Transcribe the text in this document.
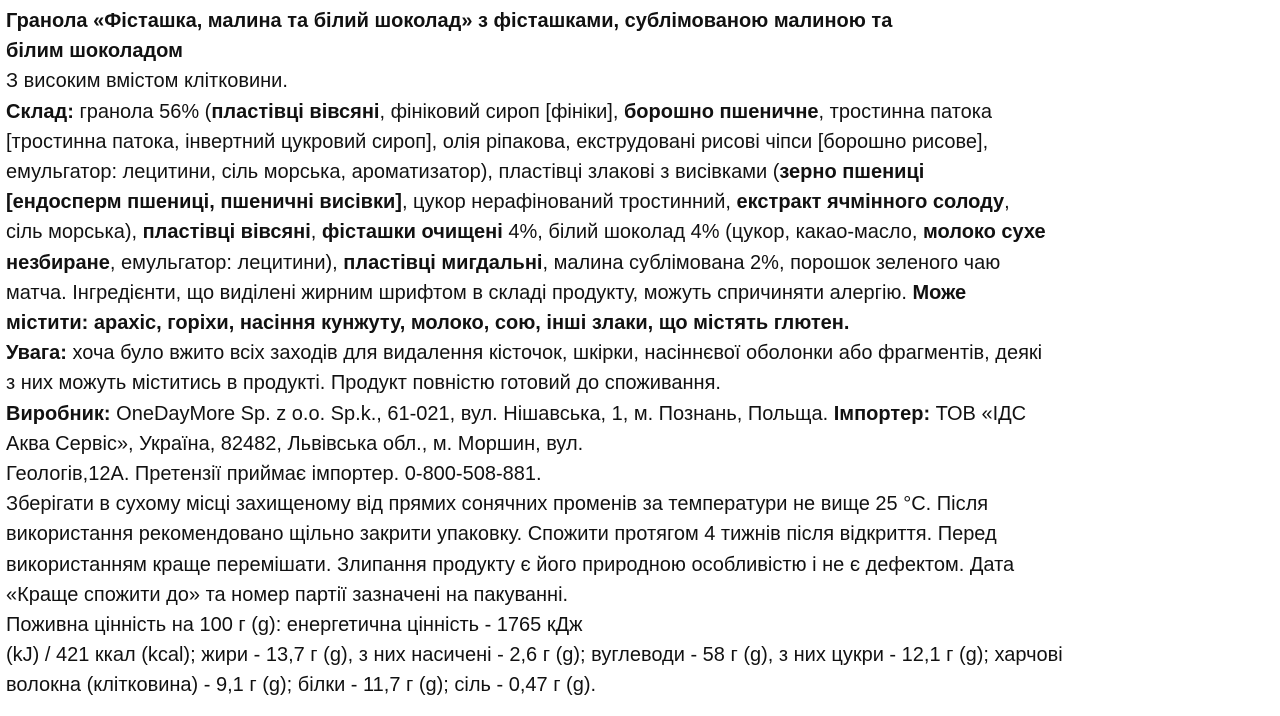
Гранола «Фісташка, малина та білий шоколад» з фісташками, сублімованою малиною та
білим шоколадом
З високим вмістом клітковини.
Склад: гранола 56% (пластівці вівсяні, фініковий сироп [фініки], борошно пшеничне, тростинна патока
[тростинна патока, інвертний цукровий сироп], олія ріпакова, екструдовані рисові чіпси [борошно рисове],
емульгатор: лецитини, сіль морська, ароматизатор), пластівці злакові з висівками (зерно пшениці
[ендосперм пшениці, пшеничні висівки], цукор нерафінований тростинний, екстракт ячмінного солоду,
сіль морська), пластівці вівсяні, фісташки очищені 4%, білий шоколад 4% (цукор, какао-масло, молоко сухе
незбиране, емульгатор: лецитини), пластівці мигдальні, малина сублімована 2%, порошок зеленого чаю
матча. Інгредієнти, що виділені жирним шрифтом в складі продукту, можуть спричиняти алергію. Може
містити: арахіс, горіхи, насіння кунжуту, молоко, сою, інші злаки, що містять глютен.
Увага: хоча було вжито всіх заходів для видалення кісточок, шкірки, насіннєвої оболонки або фрагментів, деякі
з них можуть міститись в продукті. Продукт повністю готовий до споживання.
Виробник: OneDayMore Sp. z o.o. Sp.k., 61-021, вул. Нішавська, 1, м. Познань, Польща. Імпортер: ТОВ «ІДС
Аква Сервіс», Україна, 82482, Львівська обл., м. Моршин, вул.
Геологів,12А. Претензії приймає імпортер. 0-800-508-881.
Зберігати в сухому місці захищеному від прямих сонячних променів за температури не вище 25 °С. Після
використання рекомендовано щільно закрити упаковку. Спожити протягом 4 тижнів після відкриття. Перед
використанням краще перемішати. Злипання продукту є його природною особливістю і не є дефектом. Дата
«Краще спожити до» та номер партії зазначені на пакуванні.
Поживна цінність на 100 г (g): енергетична цінність - 1765 кДж
(kJ) / 421 ккал (kcal); жири - 13,7 г (g), з них насичені - 2,6 г (g); вуглеводи - 58 г (g), з них цукри - 12,1 г (g); харчові
волокна (клітковина) - 9,1 г (g); білки - 11,7 г (g); сіль - 0,47 г (g).
